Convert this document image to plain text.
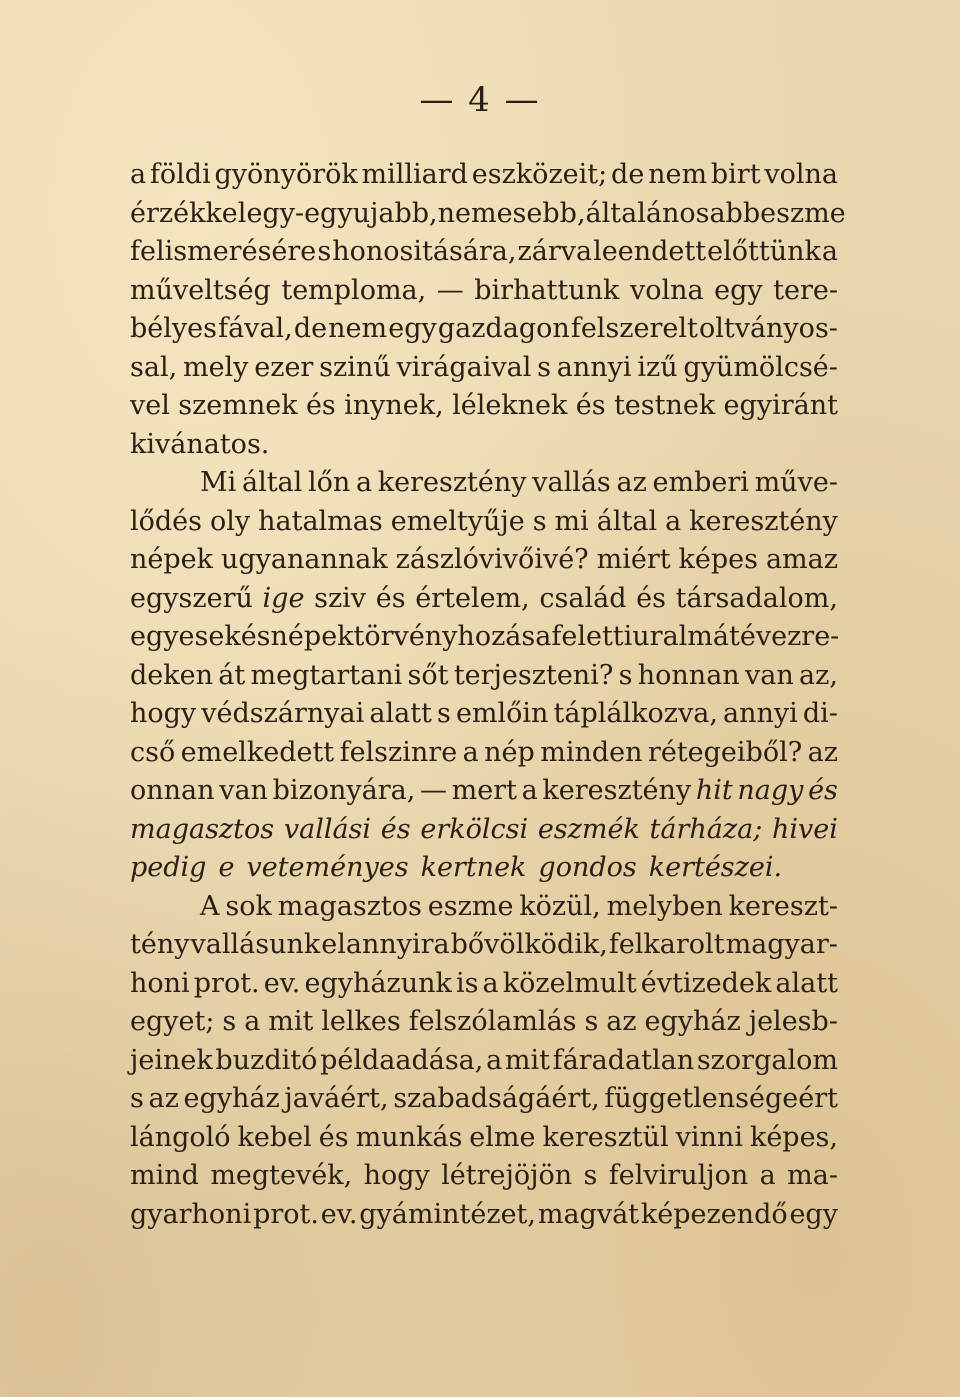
— 4 —
a földi gyönyörök milliard eszközeit; de nem birt volna
érzékkel egy-egy ujabb, nemesebb, általánosabb eszme
felismerésére s honositására, zárva leendett előttünk a
műveltség temploma, — birhattunk volna egy tere-
bélyes fával, de nem egy gazdagon felszerelt oltványos-
sal, mely ezer szinű virágaival s annyi izű gyümölcsé-
vel szemnek és inynek, léleknek és testnek egyiránt
kivánatos.
Mi által lőn a keresztény vallás az emberi műve-
lődés oly hatalmas emeltyűje s mi által a keresztény
népek ugyanannak zászlóvivőivé? miért képes amaz
egyszerű ige sziv és értelem, család és társadalom,
egyesek és népek törvényhozása feletti uralmát évezre-
deken át megtartani sőt terjeszteni? s honnan van az,
hogy védszárnyai alatt s emlőin táplálkozva, annyi di-
cső emelkedett felszinre a nép minden rétegeiből? az
onnan van bizonyára, — mert a keresztény hit nagy és
magasztos vallási és erkölcsi eszmék tárháza; hivei
pedig e veteményes kertnek gondos kertészei.
A sok magasztos eszme közül, melyben kereszt-
tény vallásunk elannyira bővölködik, felkarolt magyar-
honi prot. ev. egyházunk is a közelmult évtizedek alatt
egyet; s a mit lelkes felszólamlás s az egyház jelesb-
jeinek buzditó példaadása, a mit fáradatlan szorgalom
s az egyház javáért, szabadságáért, függetlenségeért
lángoló kebel és munkás elme keresztül vinni képes,
mind megtevék, hogy létrejöjön s felviruljon a ma-
gyarhoni prot. ev. gyámintézet, magvát képezendő egy
